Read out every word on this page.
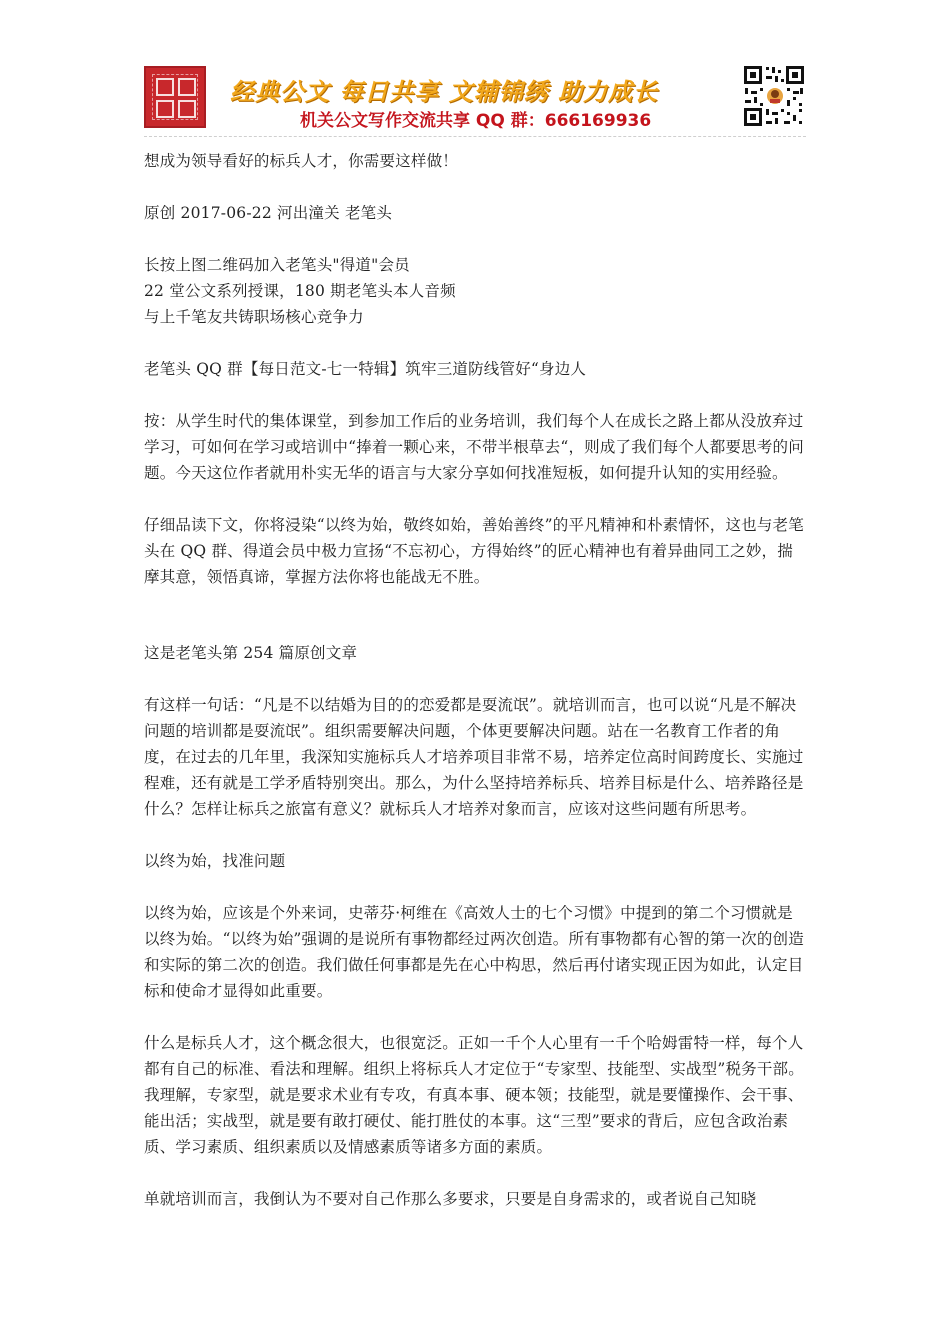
经典公文 每日共享 文辅锦绣 助力成长
机关公文写作交流共享 QQ 群：666169936

想成为领导看好的标兵人才，你需要这样做！

原创 2017-06-22 河出潼关 老笔头

长按上图二维码加入老笔头"得道"会员

22 堂公文系列授课，180 期老笔头本人音频

与上千笔友共铸职场核心竞争力

老笔头 QQ 群【每日范文-七一特辑】筑牢三道防线管好“身边人

按：从学生时代的集体课堂，到参加工作后的业务培训，我们每个人在成长之路上都从没放弃过学习，可如何在学习或培训中“捧着一颗心来，不带半根草去“，则成了我们每个人都要思考的问题。今天这位作者就用朴实无华的语言与大家分享如何找准短板，如何提升认知的实用经验。

仔细品读下文，你将浸染“以终为始，敬终如始，善始善终”的平凡精神和朴素情怀，这也与老笔头在 QQ 群、得道会员中极力宣扬“不忘初心，方得始终”的匠心精神也有着异曲同工之妙，揣摩其意，领悟真谛，掌握方法你将也能战无不胜。

这是老笔头第 254 篇原创文章

有这样一句话：“凡是不以结婚为目的的恋爱都是耍流氓”。就培训而言，也可以说“凡是不解决问题的培训都是耍流氓”。组织需要解决问题，个体更要解决问题。站在一名教育工作者的角度，在过去的几年里，我深知实施标兵人才培养项目非常不易，培养定位高时间跨度长、实施过程难，还有就是工学矛盾特别突出。那么，为什么坚持培养标兵、培养目标是什么、培养路径是什么？怎样让标兵之旅富有意义？就标兵人才培养对象而言，应该对这些问题有所思考。

以终为始，找准问题

以终为始，应该是个外来词，史蒂芬·柯维在《高效人士的七个习惯》中提到的第二个习惯就是以终为始。“以终为始”强调的是说所有事物都经过两次创造。所有事物都有心智的第一次的创造和实际的第二次的创造。我们做任何事都是先在心中构思，然后再付诸实现正因为如此，认定目标和使命才显得如此重要。

什么是标兵人才，这个概念很大，也很宽泛。正如一千个人心里有一千个哈姆雷特一样，每个人都有自己的标准、看法和理解。组织上将标兵人才定位于“专家型、技能型、实战型”税务干部。我理解，专家型，就是要求术业有专攻，有真本事、硬本领；技能型，就是要懂操作、会干事、能出活；实战型，就是要有敢打硬仗、能打胜仗的本事。这“三型”要求的背后，应包含政治素质、学习素质、组织素质以及情感素质等诸多方面的素质。

单就培训而言，我倒认为不要对自己作那么多要求，只要是自身需求的，或者说自己知晓
